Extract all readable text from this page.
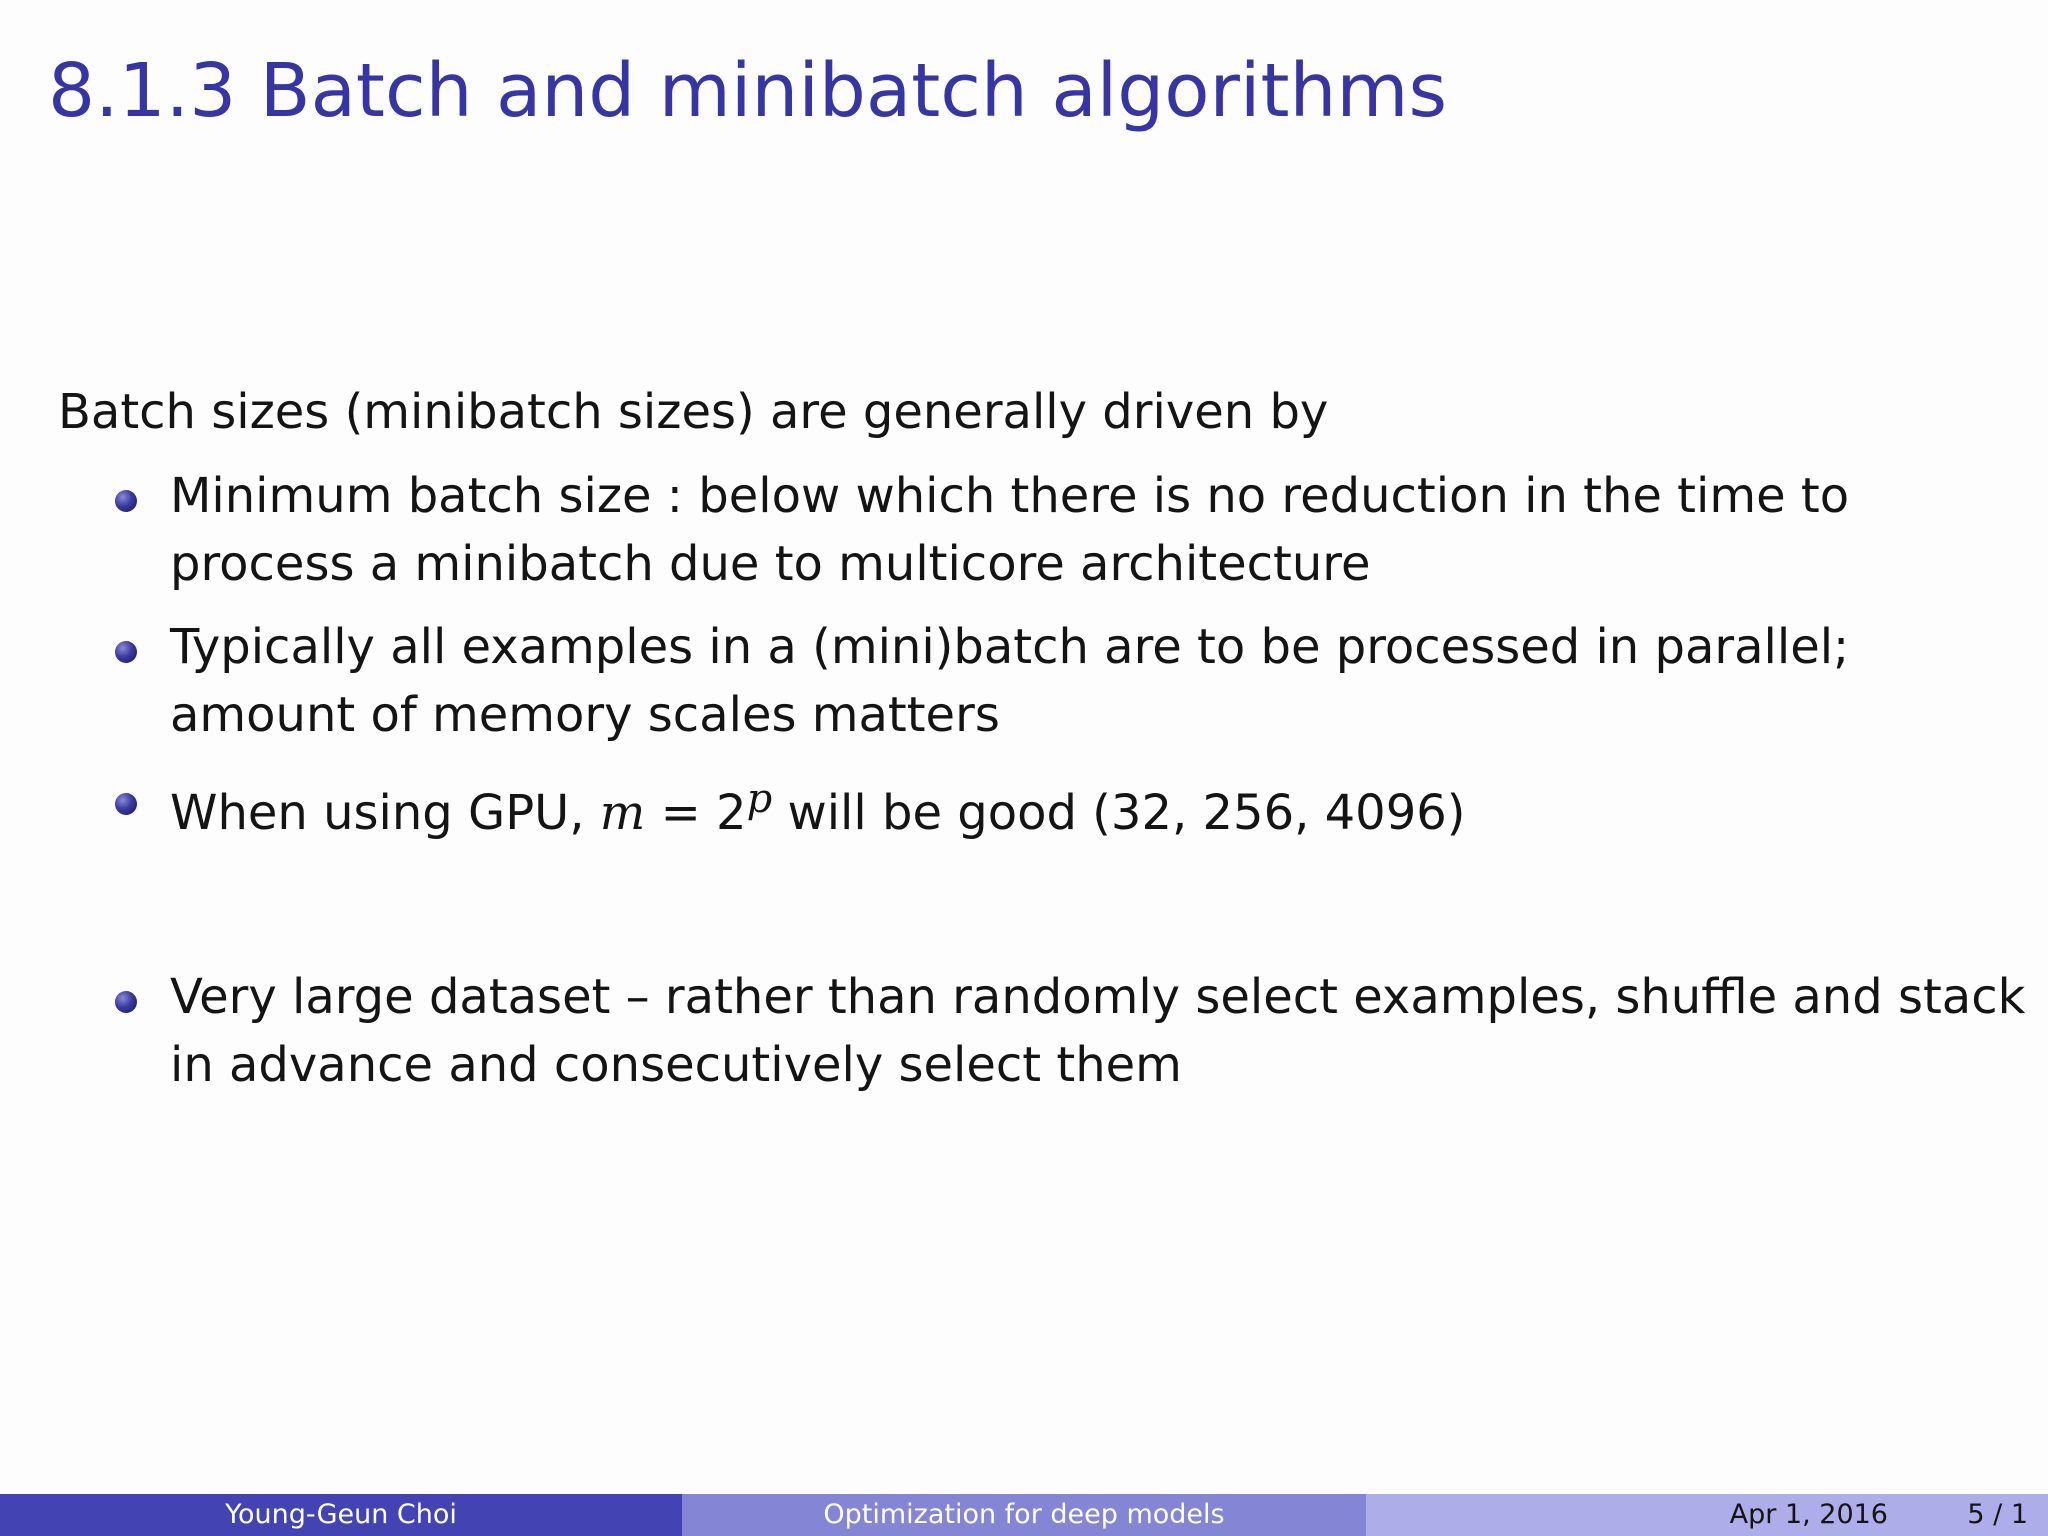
8.1.3 Batch and minibatch algorithms
Batch sizes (minibatch sizes) are generally driven by
Minimum batch size : below which there is no reduction in the time to
process a minibatch due to multicore architecture
Typically all examples in a (mini)batch are to be processed in parallel;
amount of memory scales matters
When using GPU, $m = 2^p$ will be good (32, 256, 4096)
Very large dataset – rather than randomly select examples, shuffle and stack
in advance and consecutively select them
Young-Geun Choi	Optimization for deep models	Apr 1, 2016	5 / 1
